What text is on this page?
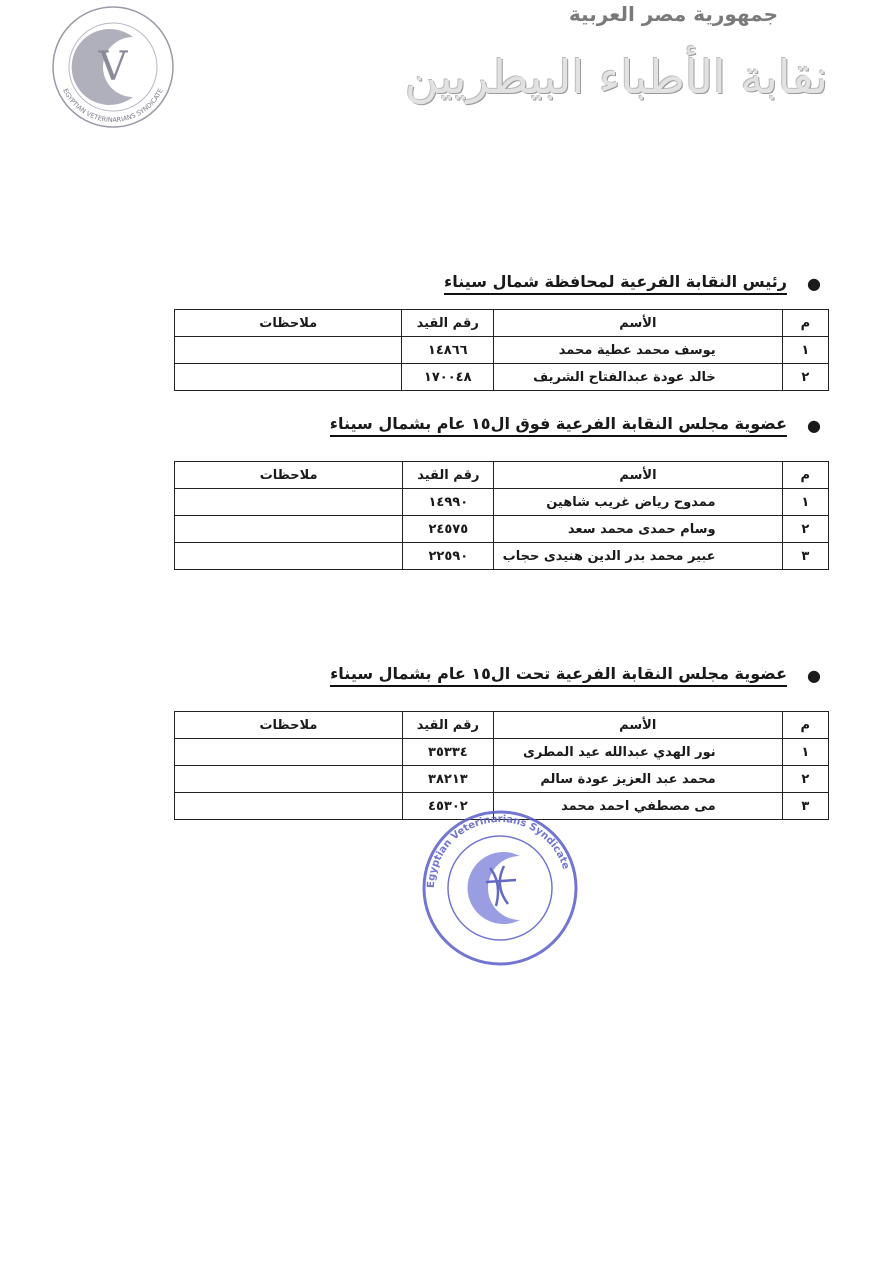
جمهورية مصر العربية
نقابة الأطباء البيطريين
V
EGYPTIAN VETERINARIANS SYNDICATE
●
رئيس النقابة الفرعية لمحافظة شمال سيناء
م	الأسم	رقم القيد	ملاحظات
١	يوسف محمد عطية محمد	١٤٨٦٦	
٢	خالد عودة عبدالفتاح الشريف	١٧٠٠٤٨	
●
عضوية مجلس النقابة الفرعية فوق ال١٥ عام بشمال سيناء
م	الأسم	رقم القيد	ملاحظات
١	ممدوح رياض غريب شاهين	١٤٩٩٠	
٢	وسام حمدى محمد سعد	٢٤٥٧٥	
٣	عبير محمد بدر الدين هنيدى حجاب	٢٢٥٩٠	
●
عضوية مجلس النقابة الفرعية تحت ال١٥ عام بشمال سيناء
م	الأسم	رقم القيد	ملاحظات
١	نور الهدي عبدالله عيد المطرى	٣٥٣٣٤	
٢	محمد عبد العزيز عودة سالم	٣٨٢١٣	
٣	مى مصطفي احمد محمد	٤٥٣٠٢	
Egyptian Veterinarians Syndicate
